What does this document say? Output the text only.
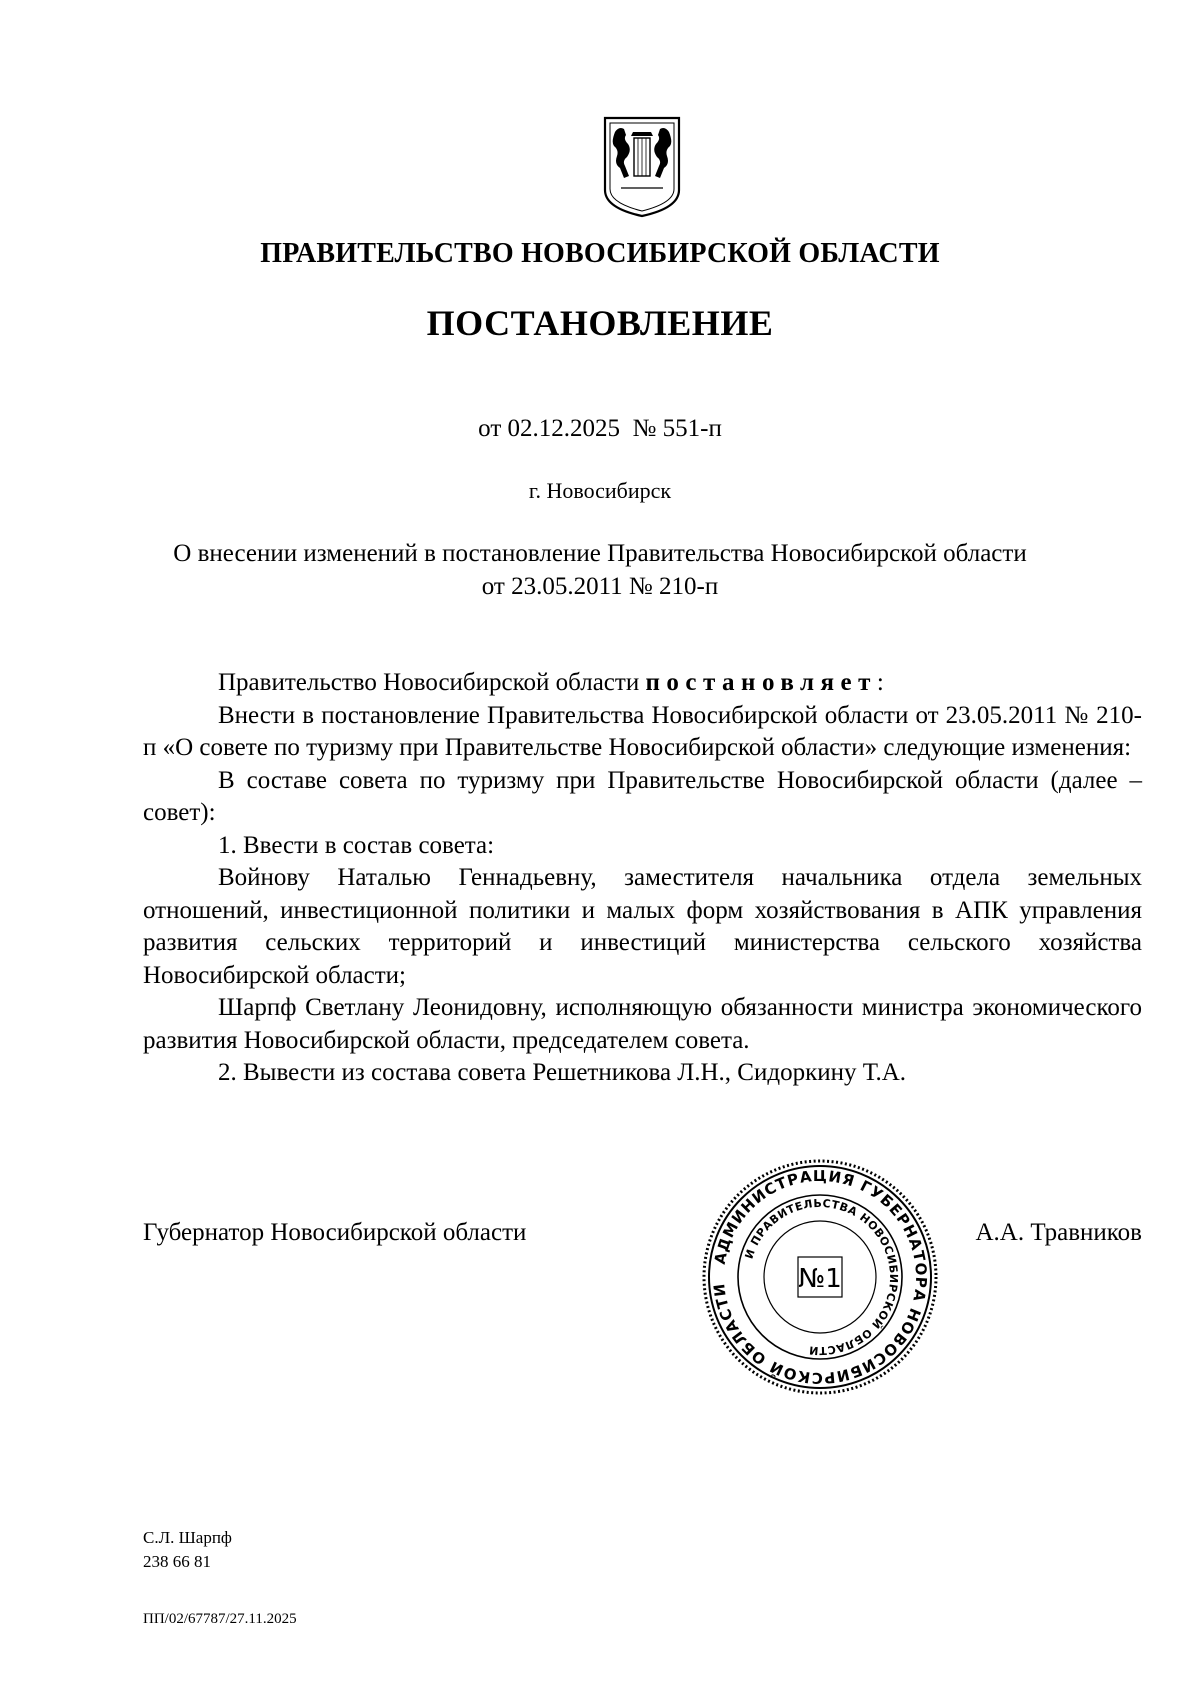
ПРАВИТЕЛЬСТВО НОВОСИБИРСКОЙ ОБЛАСТИ
ПОСТАНОВЛЕНИЕ
от 02.12.2025  № 551-п
г. Новосибирск
О внесении изменений в постановление Правительства Новосибирской области
от 23.05.2011 № 210-п

Правительство Новосибирской области постановляет:

Внести в постановление Правительства Новосибирской области от 23.05.2011 № 210-п «О совете по туризму при Правительстве Новосибирской области» следующие изменения:

В составе совета по туризму при Правительстве Новосибирской области (далее – совет):

1. Ввести в состав совета:

Войнову Наталью Геннадьевну, заместителя начальника отдела земельных отношений, инвестиционной политики и малых форм хозяйствования в АПК управления развития сельских территорий и инвестиций министерства сельского хозяйства Новосибирской области;

Шарпф Светлану Леонидовну, исполняющую обязанности министра экономического развития Новосибирской области, председателем совета.

2. Вывести из состава совета Решетникова Л.Н., Сидоркину Т.А.

Губернатор Новосибирской области	А.А. Травников
АДМИНИСТРАЦИЯ ГУБЕРНАТОРА НОВОСИБИРСКОЙ ОБЛАСТИ
И ПРАВИТЕЛЬСТВА НОВОСИБИРСКОЙ ОБЛАСТИ
№1
С.Л. Шарпф
238 66 81
ПП/02/67787/27.11.2025
